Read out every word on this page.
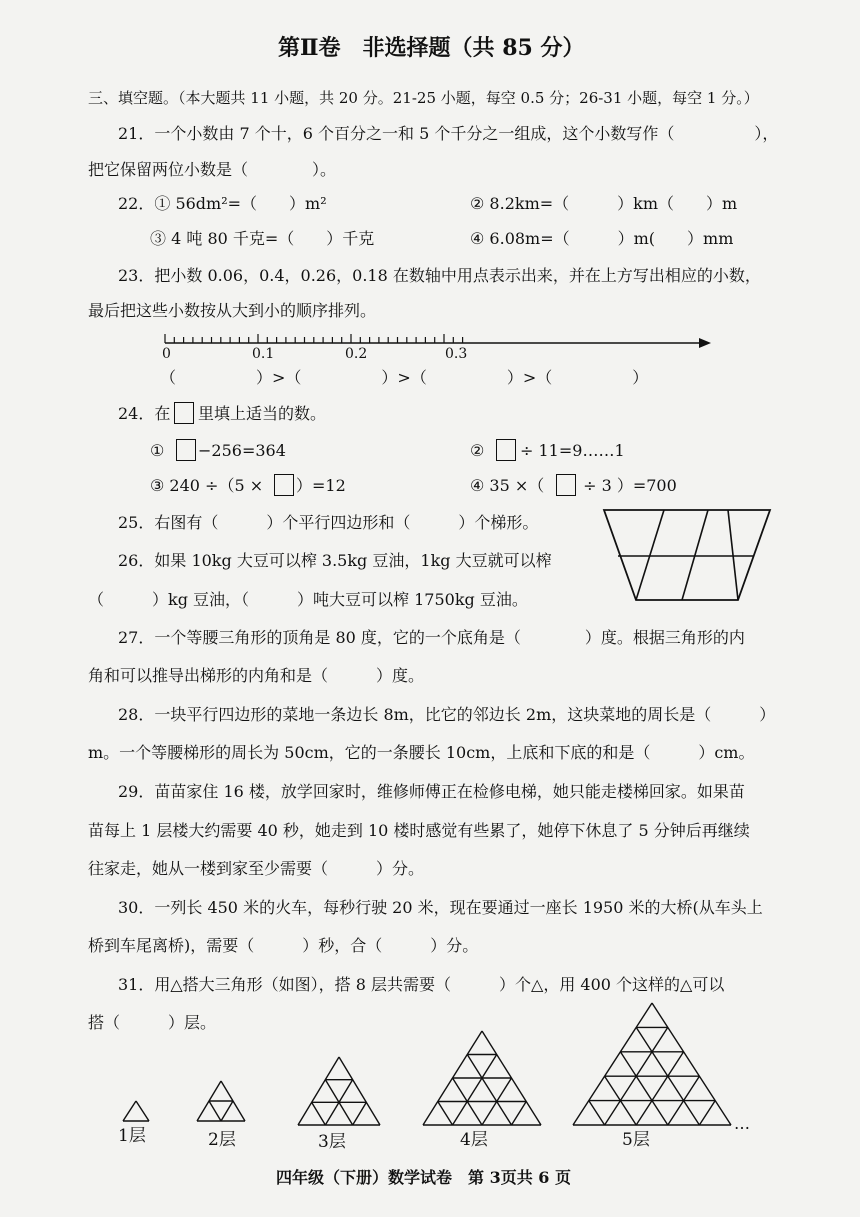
第Ⅱ卷　非选择题（共 85 分）
三、填空题。（本大题共 11 小题，共 20 分。21-25 小题，每空 0.5 分；26-31 小题，每空 1 分。）
21．一个小数由 7 个十，6 个百分之一和 5 个千分之一组成，这个小数写作（　　　　　），
把它保留两位小数是（　　　　）。
22．① 56dm²=（　　）m²	② 8.2km=（　　　）km（　　）m
③ 4 吨 80 千克=（　　）千克	④ 6.08m=（　　　）m(　　）mm
23．把小数 0.06，0.4，0.26，0.18 在数轴中用点表示出来，并在上方写出相应的小数，
最后把这些小数按从大到小的顺序排列。
0	0.1	0.2	0.3
（　　　　　）>（　　　　　）>（　　　　　）>（　　　　　）
24．在 里填上适当的数。
① −256=364	② ÷ 11=9……1
③ 240 ÷（5 × ）=12	④ 35 ×（ ÷ 3 ）=700
25．右图有（　　　）个平行四边形和（　　　）个梯形。
26．如果 10kg 大豆可以榨 3.5kg 豆油，1kg 大豆就可以榨
（　　　）kg 豆油，（　　　）吨大豆可以榨 1750kg 豆油。
27．一个等腰三角形的顶角是 80 度，它的一个底角是（　　　　）度。根据三角形的内
角和可以推导出梯形的内角和是（　　　）度。
28．一块平行四边形的菜地一条边长 8m，比它的邻边长 2m，这块菜地的周长是（　　　）
m。一个等腰梯形的周长为 50cm，它的一条腰长 10cm，上底和下底的和是（　　　）cm。
29．苗苗家住 16 楼，放学回家时，维修师傅正在检修电梯，她只能走楼梯回家。如果苗
苗每上 1 层楼大约需要 40 秒，她走到 10 楼时感觉有些累了，她停下休息了 5 分钟后再继续
往家走，她从一楼到家至少需要（　　　）分。
30．一列长 450 米的火车，每秒行驶 20 米，现在要通过一座长 1950 米的大桥(从车头上
桥到车尾离桥)，需要（　　　）秒，合（　　　）分。
31．用△搭大三角形（如图），搭 8 层共需要（　　　）个△，用 400 个这样的△可以
搭（　　　）层。
1层	2层	3层	4层	5层
…
四年级（下册）数学试卷　第 3页共 6 页
